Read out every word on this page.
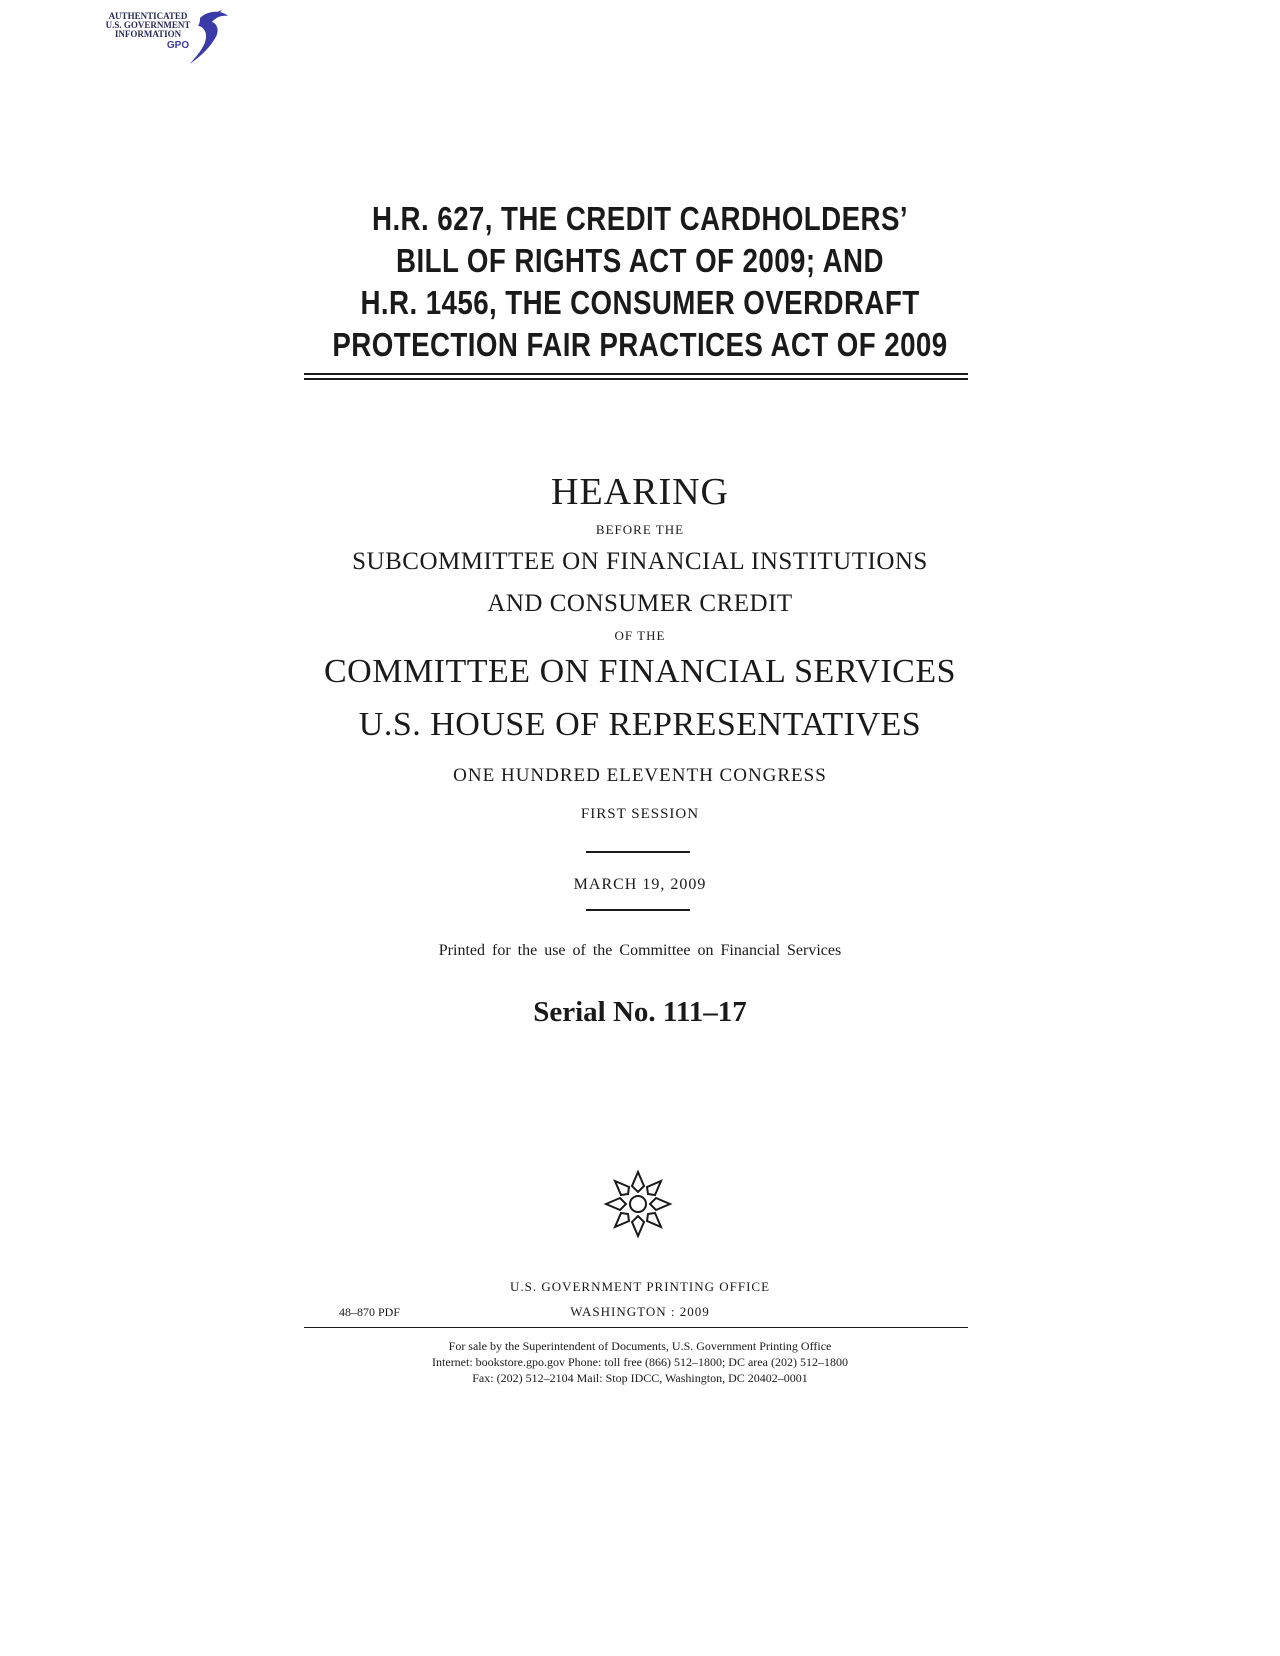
AUTHENTICATED
U.S. GOVERNMENT
INFORMATION
GPO
H.R. 627, THE CREDIT CARDHOLDERS’
BILL OF RIGHTS ACT OF 2009; AND
H.R. 1456, THE CONSUMER OVERDRAFT
PROTECTION FAIR PRACTICES ACT OF 2009
HEARING
BEFORE THE
SUBCOMMITTEE ON FINANCIAL INSTITUTIONS
AND CONSUMER CREDIT
OF THE
COMMITTEE ON FINANCIAL SERVICES
U.S. HOUSE OF REPRESENTATIVES
ONE HUNDRED ELEVENTH CONGRESS
FIRST SESSION
MARCH 19, 2009
Printed for the use of the Committee on Financial Services
Serial No. 111–17
U.S. GOVERNMENT PRINTING OFFICE
48–870 PDF	WASHINGTON : 2009
For sale by the Superintendent of Documents, U.S. Government Printing Office
Internet: bookstore.gpo.gov Phone: toll free (866) 512–1800; DC area (202) 512–1800
Fax: (202) 512–2104 Mail: Stop IDCC, Washington, DC 20402–0001
